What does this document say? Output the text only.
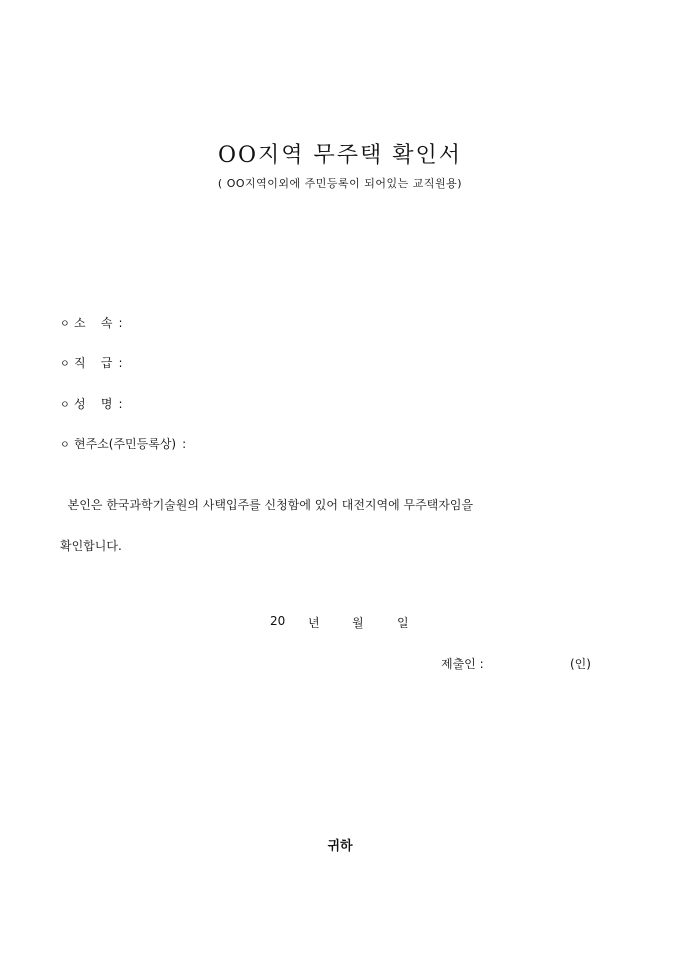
OO지역 무주택 확인서
( OO지역이외에 주민등록이 되어있는 교직원용)
ㅇ 소    속 :
ㅇ 직    급 :
ㅇ 성    명 :
ㅇ 현주소(주민등록상) :
본인은 한국과학기술원의 사택입주를 신청함에 있어 대전지역에 무주택자임을
확인합니다.
20 년	월	일
제출인 :	(인)
귀하
